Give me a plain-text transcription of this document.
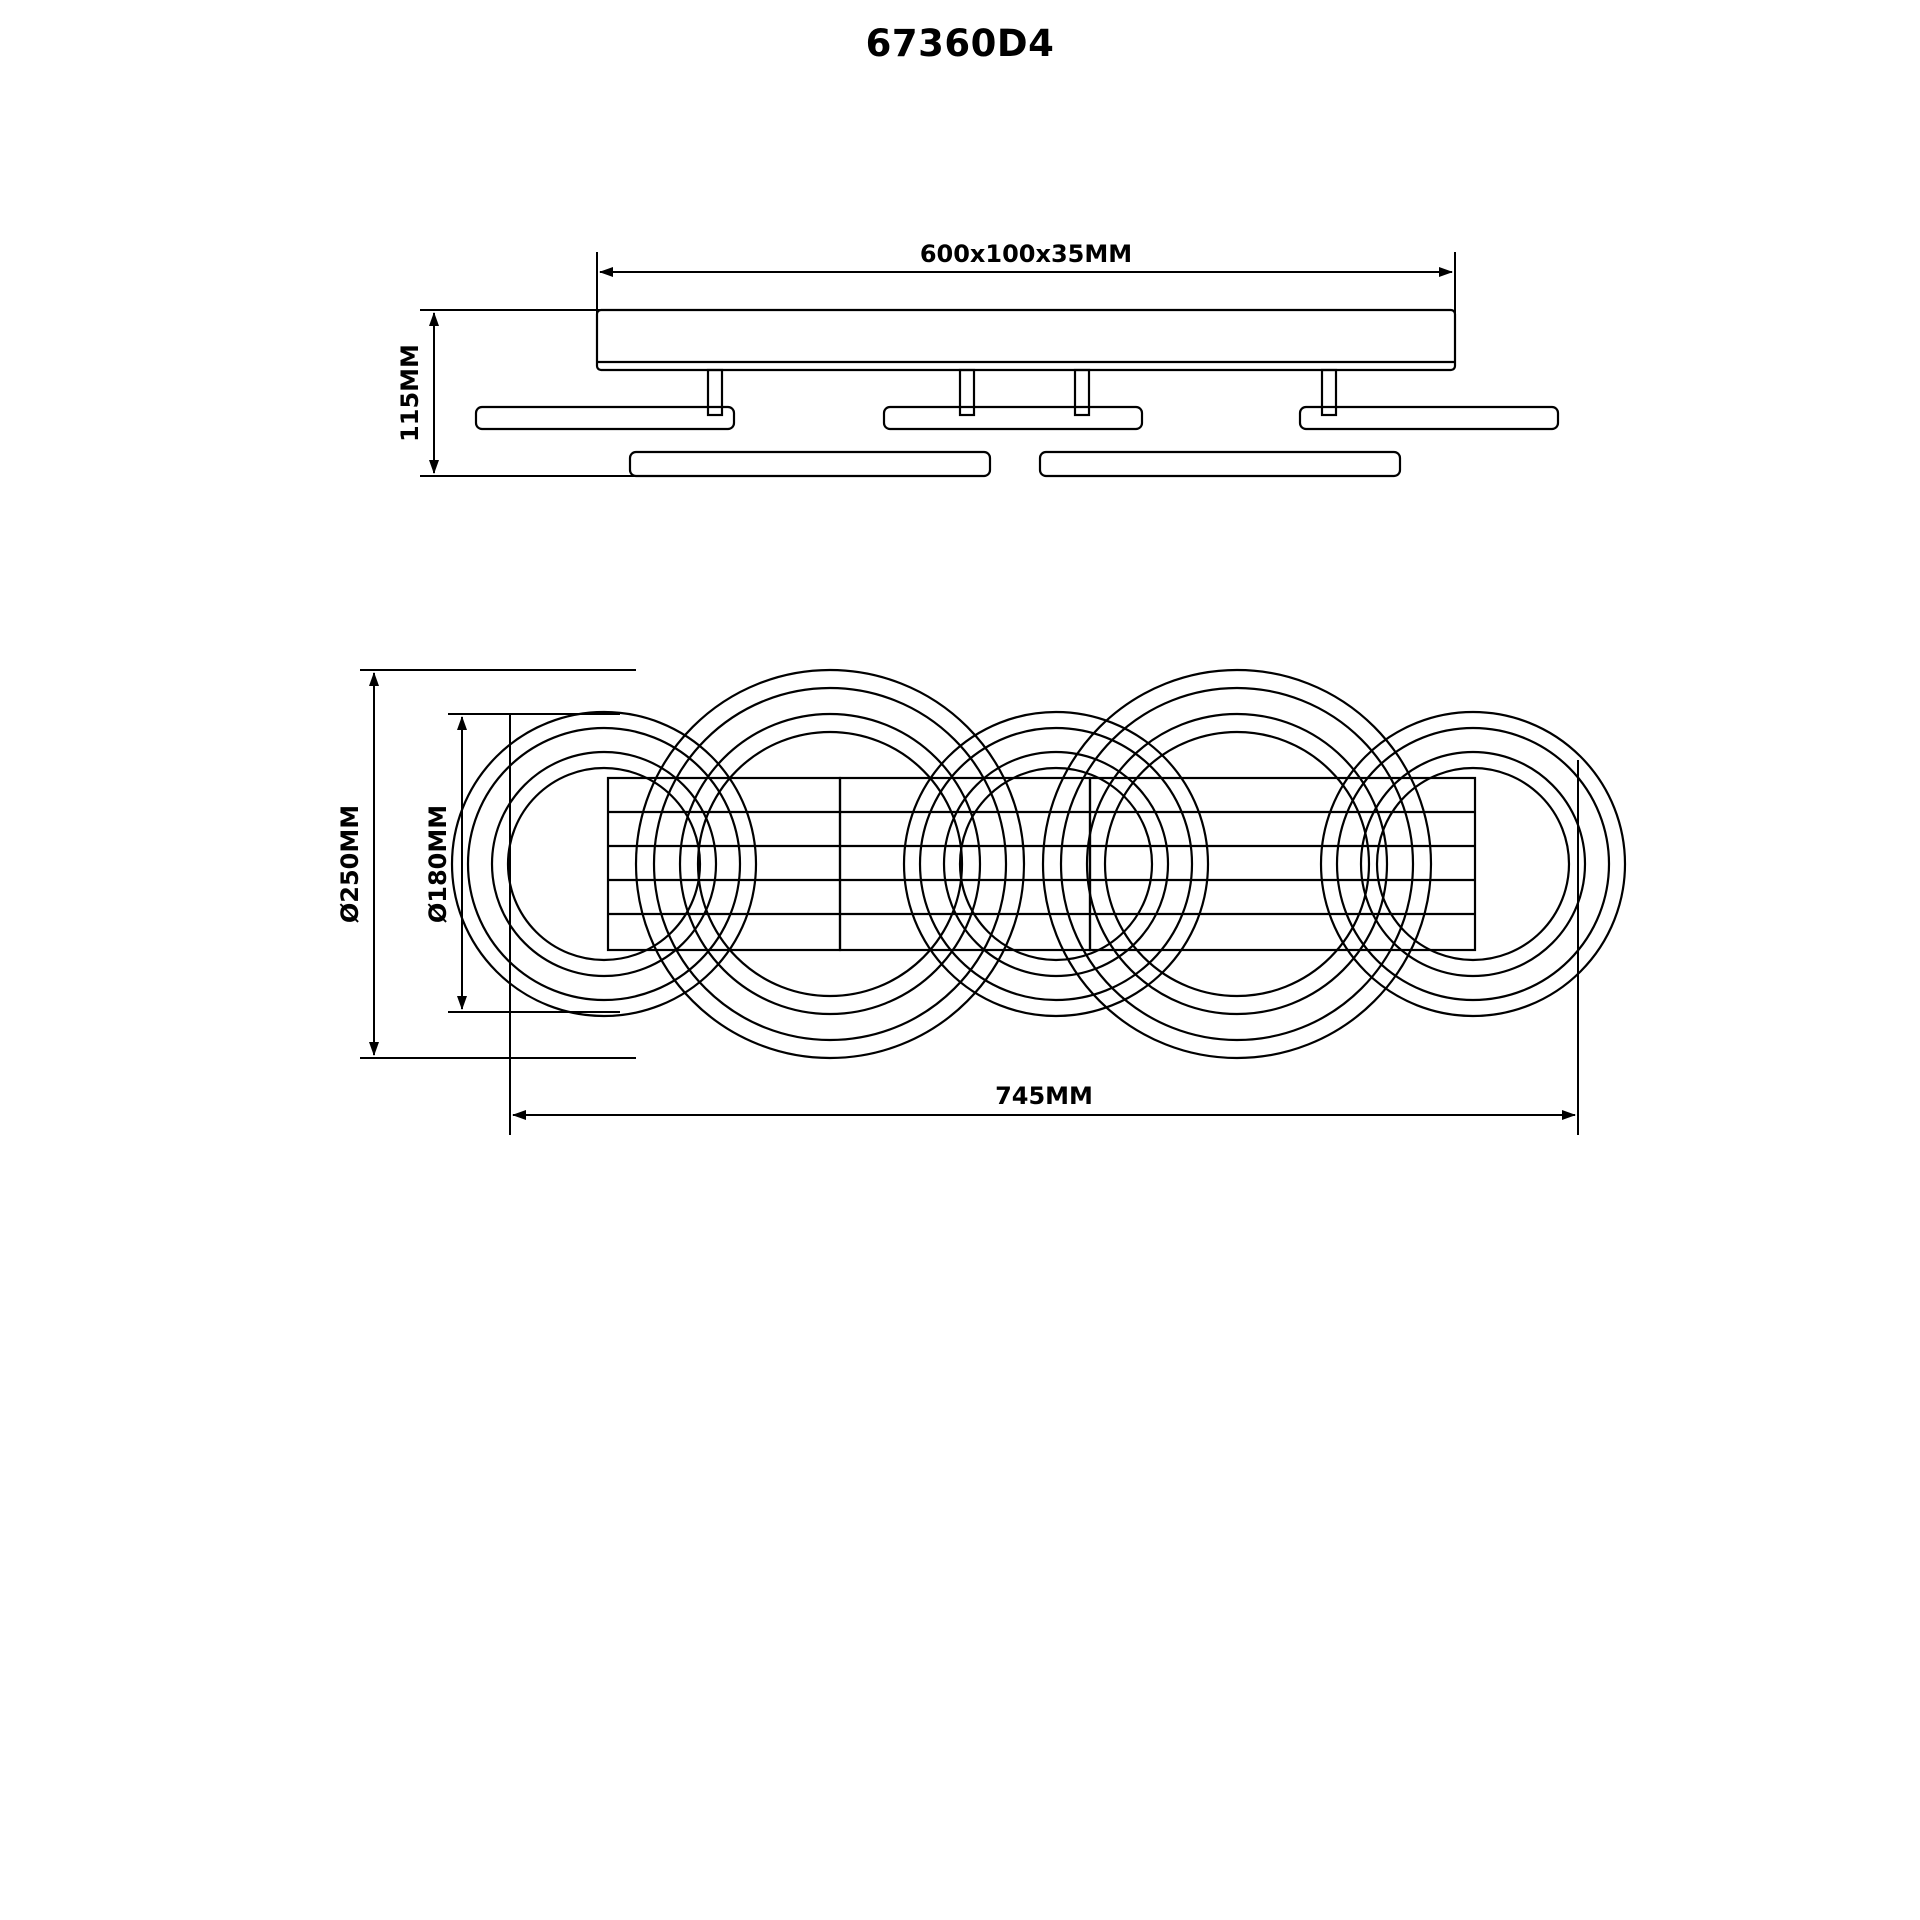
67360D4
600x100x35MM
115MM
Ø250MM	Ø180MM
745MM
